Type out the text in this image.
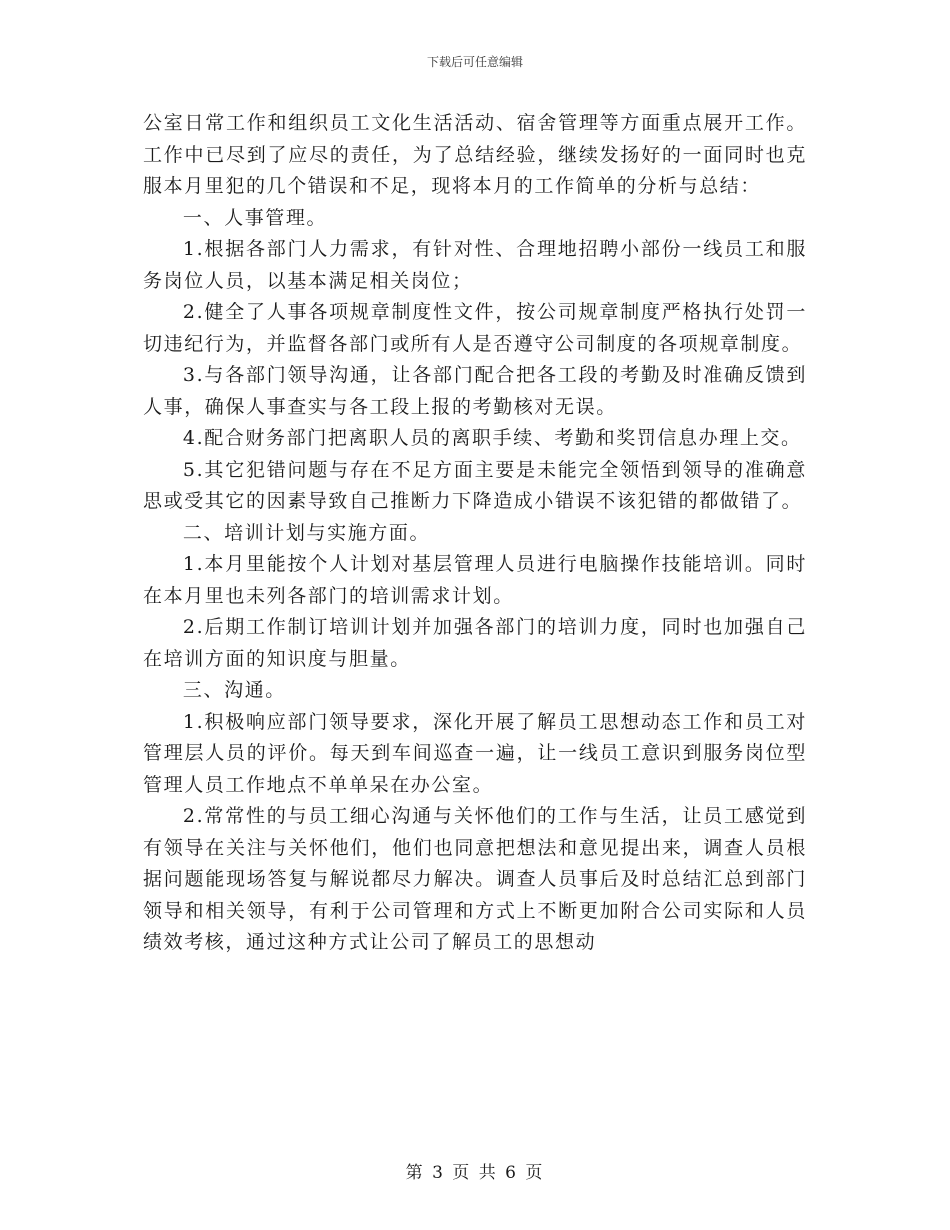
下载后可任意编辑

公室日常工作和组织员工文化生活活动、宿舍管理等方面重点展开工作。工作中已尽到了应尽的责任，为了总结经验，继续发扬好的一面同时也克服本月里犯的几个错误和不足，现将本月的工作简单的分析与总结：

一、人事管理。

1.根据各部门人力需求，有针对性、合理地招聘小部份一线员工和服务岗位人员，以基本满足相关岗位；

2.健全了人事各项规章制度性文件，按公司规章制度严格执行处罚一切违纪行为，并监督各部门或所有人是否遵守公司制度的各项规章制度。

3.与各部门领导沟通，让各部门配合把各工段的考勤及时准确反馈到人事，确保人事查实与各工段上报的考勤核对无误。

4.配合财务部门把离职人员的离职手续、考勤和奖罚信息办理上交。

5.其它犯错问题与存在不足方面主要是未能完全领悟到领导的准确意思或受其它的因素导致自己推断力下降造成小错误不该犯错的都做错了。

二、培训计划与实施方面。

1.本月里能按个人计划对基层管理人员进行电脑操作技能培训。同时在本月里也未列各部门的培训需求计划。

2.后期工作制订培训计划并加强各部门的培训力度，同时也加强自己在培训方面的知识度与胆量。

三、沟通。

1.积极响应部门领导要求，深化开展了解员工思想动态工作和员工对管理层人员的评价。每天到车间巡查一遍，让一线员工意识到服务岗位型管理人员工作地点不单单呆在办公室。

2.常常性的与员工细心沟通与关怀他们的工作与生活，让员工感觉到有领导在关注与关怀他们，他们也同意把想法和意见提出来，调查人员根据问题能现场答复与解说都尽力解决。调查人员事后及时总结汇总到部门领导和相关领导，有利于公司管理和方式上不断更加附合公司实际和人员绩效考核，通过这种方式让公司了解员工的思想动

第 3 页 共 6 页
